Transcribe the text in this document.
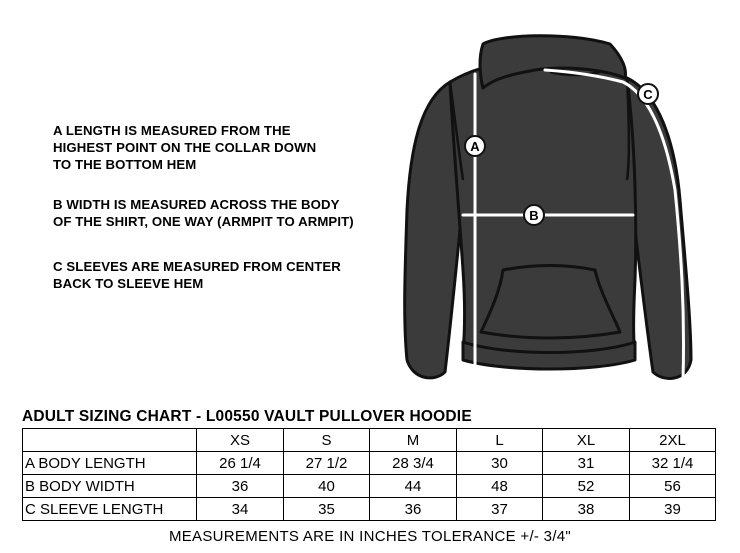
A LENGTH IS MEASURED FROM THE
HIGHEST POINT ON THE COLLAR DOWN
TO THE BOTTOM HEM

B WIDTH IS MEASURED ACROSS THE BODY
OF THE SHIRT, ONE WAY (ARMPIT TO ARMPIT)

C SLEEVES ARE MEASURED FROM CENTER
BACK TO SLEEVE HEM

A
B
C

ADULT SIZING CHART - L00550 VAULT PULLOVER HOODIE

	XS	S	M	L	XL	2XL
A BODY LENGTH	26 1/4	27 1/2	28 3/4	30	31	32 1/4
B BODY WIDTH	36	40	44	48	52	56
C SLEEVE LENGTH	34	35	36	37	38	39

MEASUREMENTS ARE IN INCHES TOLERANCE +/- 3/4"
